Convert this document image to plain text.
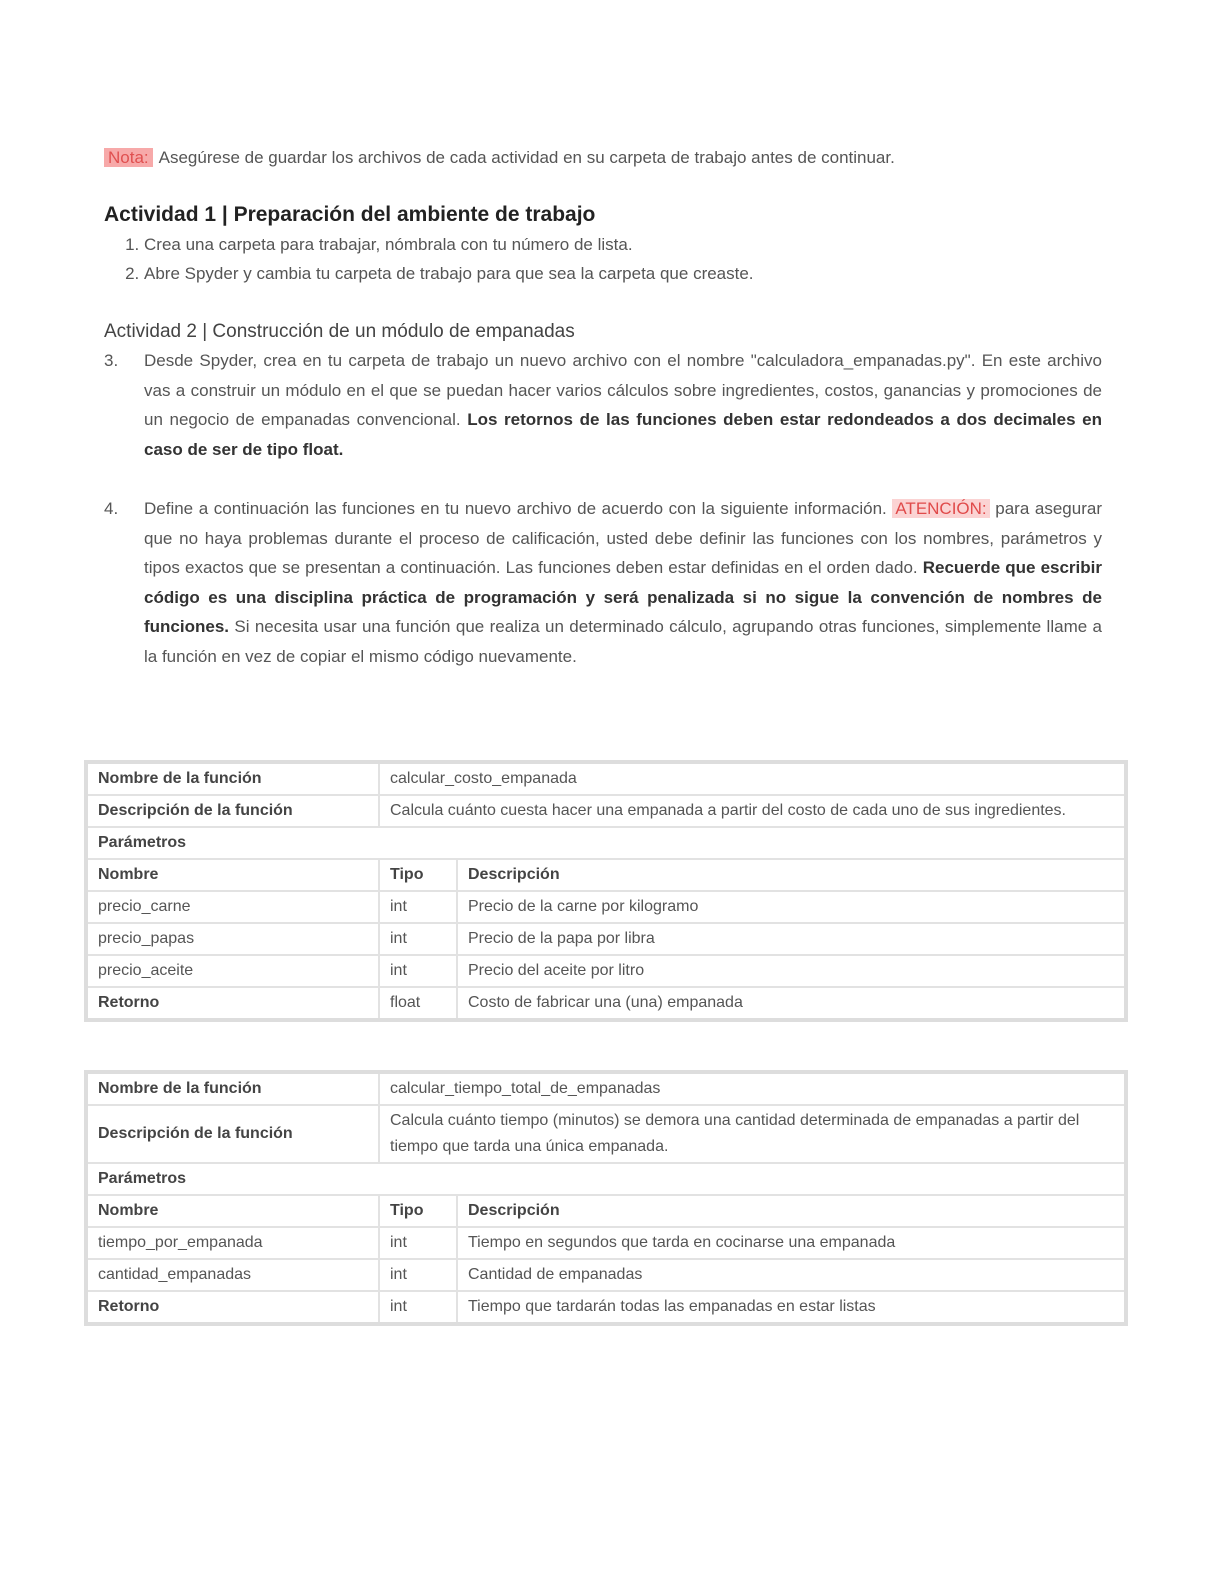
Nota: Asegúrese de guardar los archivos de cada actividad en su carpeta de trabajo antes de continuar.
Actividad 1 | Preparación del ambiente de trabajo
1. Crea una carpeta para trabajar, nómbrala con tu número de lista.
2. Abre Spyder y cambia tu carpeta de trabajo para que sea la carpeta que creaste.
Actividad 2 | Construcción de un módulo de empanadas
3.	Desde Spyder, crea en tu carpeta de trabajo un nuevo archivo con el nombre "calculadora_empanadas.py". En este archivo vas a construir un módulo en el que se puedan hacer varios cálculos sobre ingredientes, costos, ganancias y promociones de un negocio de empanadas convencional. Los retornos de las funciones deben estar redondeados a dos decimales en caso de ser de tipo float.
4.	Define a continuación las funciones en tu nuevo archivo de acuerdo con la siguiente información. ATENCIÓN: para asegurar que no haya problemas durante el proceso de calificación, usted debe definir las funciones con los nombres, parámetros y tipos exactos que se presentan a continuación. Las funciones deben estar definidas en el orden dado. Recuerde que escribir código es una disciplina práctica de programación y será penalizada si no sigue la convención de nombres de funciones. Si necesita usar una función que realiza un determinado cálculo, agrupando otras funciones, simplemente llame a la función en vez de copiar el mismo código nuevamente.
Nombre de la función	calcular_costo_empanada	
Descripción de la función	Calcula cuánto cuesta hacer una empanada a partir del costo de cada uno de sus ingredientes.	
Parámetros		
Nombre	Tipo	Descripción
precio_carne	int	Precio de la carne por kilogramo
precio_papas	int	Precio de la papa por libra
precio_aceite	int	Precio del aceite por litro
Retorno	float	Costo de fabricar una (una) empanada
Nombre de la función	calcular_tiempo_total_de_empanadas	
Descripción de la función	Calcula cuánto tiempo (minutos) se demora una cantidad determinada de empanadas a partir del tiempo que tarda una única empanada.	
Parámetros		
Nombre	Tipo	Descripción
tiempo_por_empanada	int	Tiempo en segundos que tarda en cocinarse una empanada
cantidad_empanadas	int	Cantidad de empanadas
Retorno	int	Tiempo que tardarán todas las empanadas en estar listas
